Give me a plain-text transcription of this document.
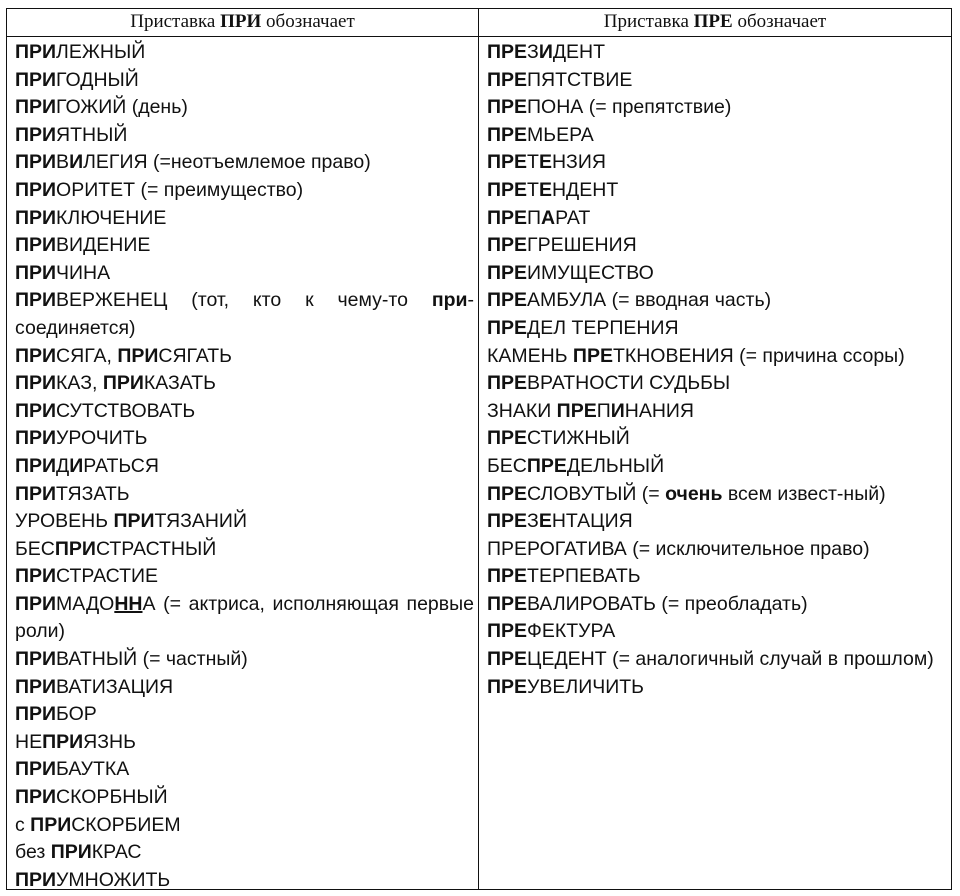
Приставка ПРИ обозначает	Приставка ПРЕ обозначает
ПРИЛЕЖНЫЙ
ПРИГОДНЫЙ
ПРИГОЖИЙ (день)
ПРИЯТНЫЙ
ПРИВИЛЕГИЯ (=неотъемлемое право)
ПРИОРИТЕТ (= преимущество)
ПРИКЛЮЧЕНИЕ
ПРИВИДЕНИЕ
ПРИЧИНА
ПРИВЕРЖЕНЕЦ (тот, кто к чему-то при-соединяется)
ПРИСЯГА, ПРИСЯГАТЬ
ПРИКАЗ, ПРИКАЗАТЬ
ПРИСУТСТВОВАТЬ
ПРИУРОЧИТЬ
ПРИДИРАТЬСЯ
ПРИТЯЗАТЬ
УРОВЕНЬ ПРИТЯЗАНИЙ
БЕСПРИСТРАСТНЫЙ
ПРИСТРАСТИЕ
ПРИМАДОННА (= актриса, исполняющая первые роли)
ПРИВАТНЫЙ (= частный)
ПРИВАТИЗАЦИЯ
ПРИБОР
НЕПРИЯЗНЬ
ПРИБАУТКА
ПРИСКОРБНЫЙ
с ПРИСКОРБИЕМ
без ПРИКРАС
ПРИУМНОЖИТЬ
ПРЕЗИДЕНТ
ПРЕПЯТСТВИЕ
ПРЕПОНА (= препятствие)
ПРЕМЬЕРА
ПРЕТЕНЗИЯ
ПРЕТЕНДЕНТ
ПРЕПАРАТ
ПРЕГРЕШЕНИЯ
ПРЕИМУЩЕСТВО
ПРЕАМБУЛА (= вводная часть)
ПРЕДЕЛ ТЕРПЕНИЯ
КАМЕНЬ ПРЕТКНОВЕНИЯ (= причина ссоры)
ПРЕВРАТНОСТИ СУДЬБЫ
ЗНАКИ ПРЕПИНАНИЯ
ПРЕСТИЖНЫЙ
БЕСПРЕДЕЛЬНЫЙ
ПРЕСЛОВУТЫЙ (= очень всем извест-ный)
ПРЕЗЕНТАЦИЯ
ПРЕРОГАТИВА (= исключительное право)
ПРЕТЕРПЕВАТЬ
ПРЕВАЛИРОВАТЬ (= преобладать)
ПРЕФЕКТУРА
ПРЕЦЕДЕНТ (= аналогичный случай в прошлом)
ПРЕУВЕЛИЧИТЬ
